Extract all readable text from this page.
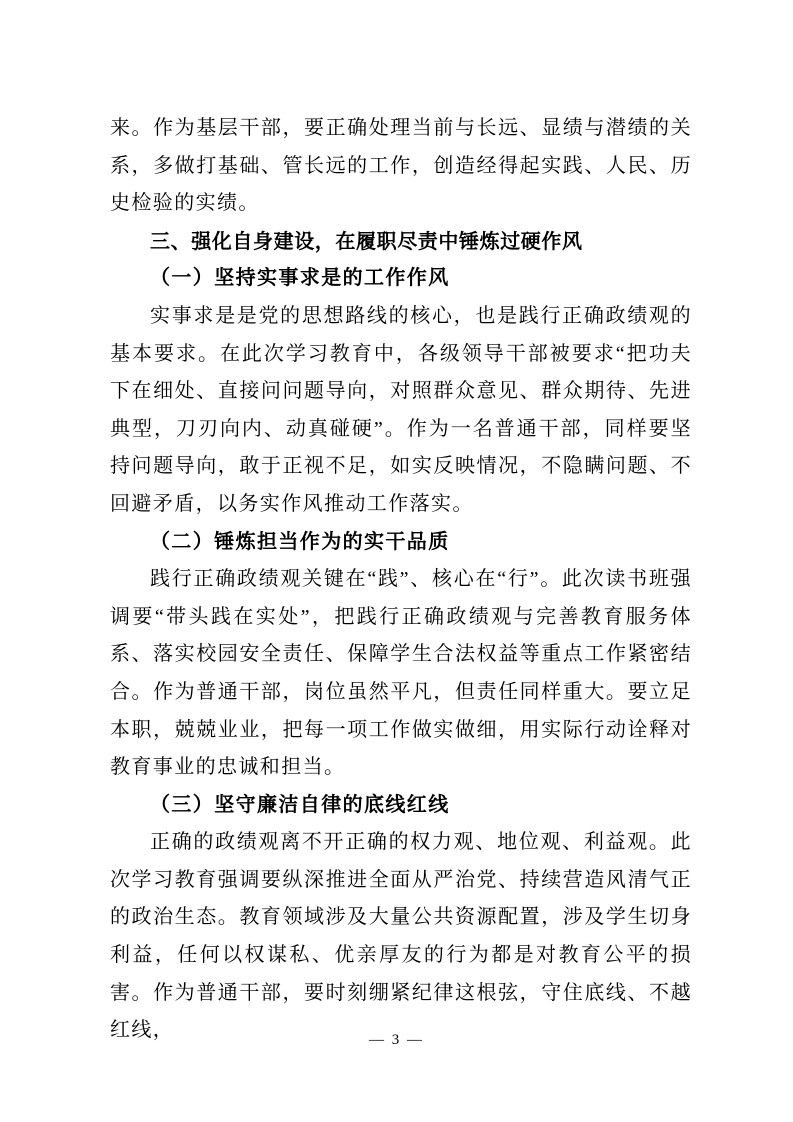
来。作为基层干部，要正确处理当前与长远、显绩与潜绩的关系，多做打基础、管长远的工作，创造经得起实践、人民、历史检验的实绩。

三、强化自身建设，在履职尽责中锤炼过硬作风

（一）坚持实事求是的工作作风

实事求是是党的思想路线的核心，也是践行正确政绩观的基本要求。在此次学习教育中，各级领导干部被要求“把功夫下在细处、直接问问题导向，对照群众意见、群众期待、先进典型，刀刃向内、动真碰硬”。作为一名普通干部，同样要坚持问题导向，敢于正视不足，如实反映情况，不隐瞒问题、不回避矛盾，以务实作风推动工作落实。

（二）锤炼担当作为的实干品质

践行正确政绩观关键在“践”、核心在“行”。此次读书班强调要“带头践在实处”，把践行正确政绩观与完善教育服务体系、落实校园安全责任、保障学生合法权益等重点工作紧密结合。作为普通干部，岗位虽然平凡，但责任同样重大。要立足本职，兢兢业业，把每一项工作做实做细，用实际行动诠释对教育事业的忠诚和担当。

（三）坚守廉洁自律的底线红线

正确的政绩观离不开正确的权力观、地位观、利益观。此次学习教育强调要纵深推进全面从严治党、持续营造风清气正的政治生态。教育领域涉及大量公共资源配置，涉及学生切身利益，任何以权谋私、优亲厚友的行为都是对教育公平的损害。作为普通干部，要时刻绷紧纪律这根弦，守住底线、不越红线，	— 3 —
